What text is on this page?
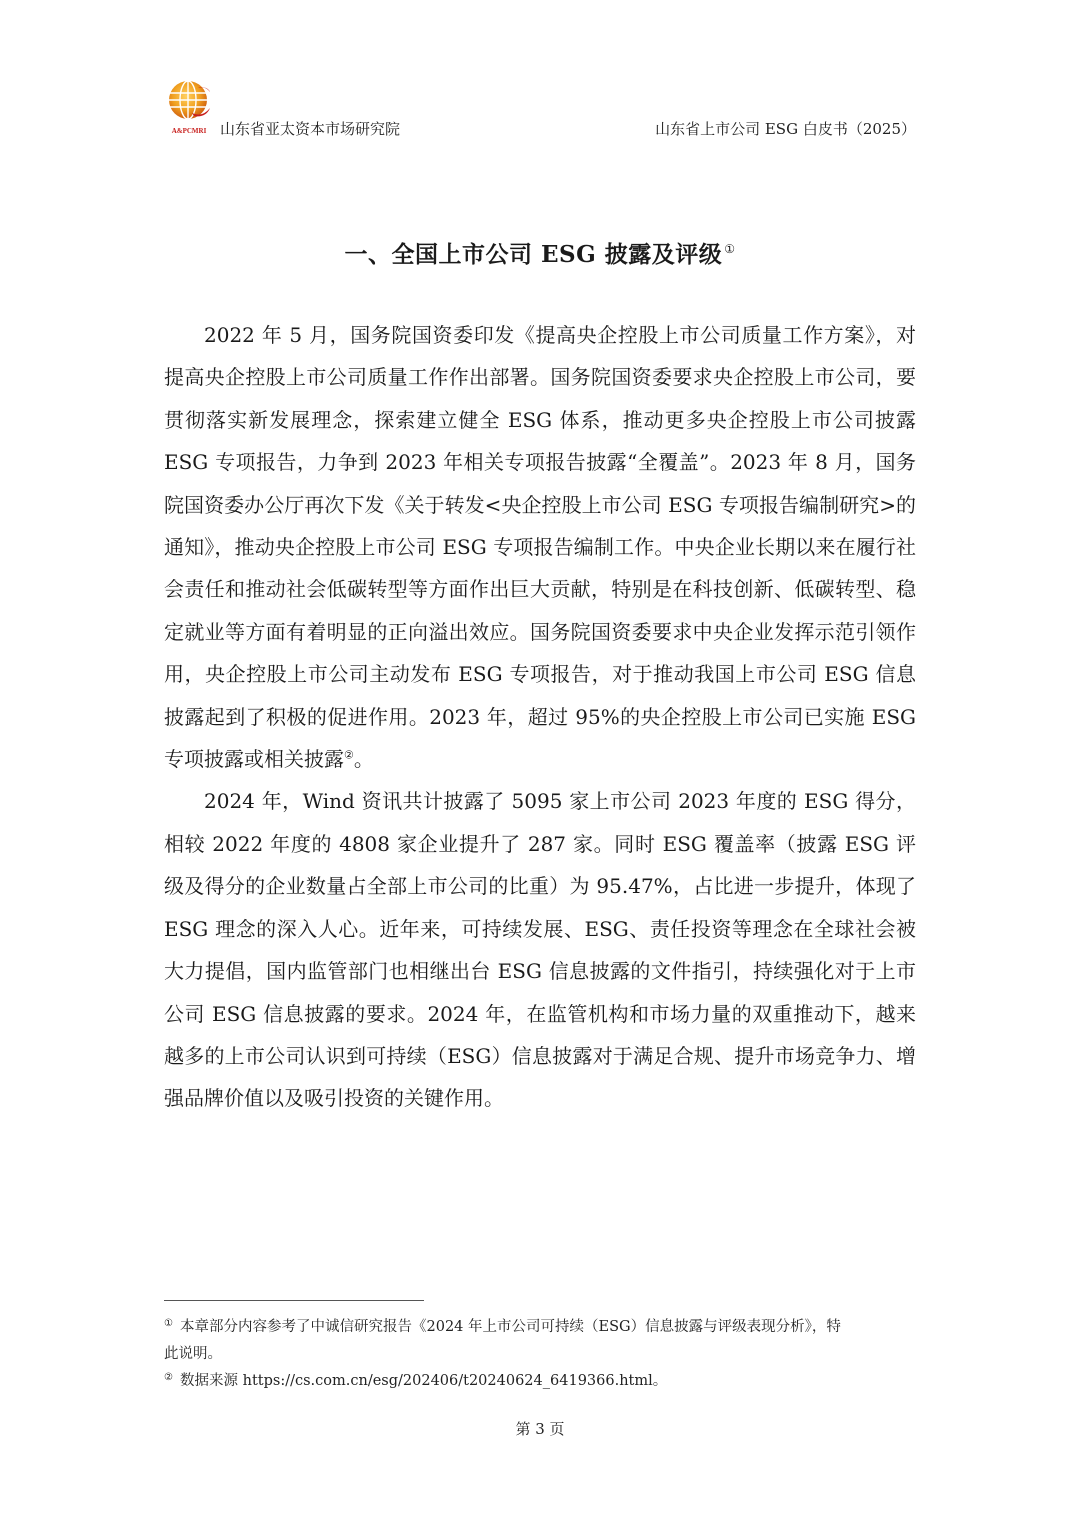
A&PCMRI 山东省亚太资本市场研究院	山东省上市公司 ESG 白皮书（2025）
一、全国上市公司 ESG 披露及评级 ①

2022 年 5 月，国务院国资委印发《提高央企控股上市公司质量工作方案》，对提高央企控股上市公司质量工作作出部署。国务院国资委要求央企控股上市公司，要贯彻落实新发展理念，探索建立健全 ESG 体系，推动更多央企控股上市公司披露 ESG 专项报告，力争到 2023 年相关专项报告披露“全覆盖”。2023 年 8 月，国务院国资委办公厅再次下发《关于转发<央企控股上市公司 ESG 专项报告编制研究>的通知》，推动央企控股上市公司 ESG 专项报告编制工作。中央企业长期以来在履行社会责任和推动社会低碳转型等方面作出巨大贡献，特别是在科技创新、低碳转型、稳定就业等方面有着明显的正向溢出效应。国务院国资委要求中央企业发挥示范引领作用，央企控股上市公司主动发布 ESG 专项报告，对于推动我国上市公司 ESG 信息披露起到了积极的促进作用。2023 年，超过 95%的央企控股上市公司已实施 ESG 专项披露或相关披露②。

2024 年，Wind 资讯共计披露了 5095 家上市公司 2023 年度的 ESG 得分，相较 2022 年度的 4808 家企业提升了 287 家。同时 ESG 覆盖率（披露 ESG 评级及得分的企业数量占全部上市公司的比重）为 95.47%，占比进一步提升，体现了 ESG 理念的深入人心。近年来，可持续发展、ESG、责任投资等理念在全球社会被大力提倡，国内监管部门也相继出台 ESG 信息披露的文件指引，持续强化对于上市公司 ESG 信息披露的要求。2024 年，在监管机构和市场力量的双重推动下，越来越多的上市公司认识到可持续（ESG）信息披露对于满足合规、提升市场竞争力、增强品牌价值以及吸引投资的关键作用。

① 本章部分内容参考了中诚信研究报告《2024 年上市公司可持续（ESG）信息披露与评级表现分析》，特
此说明。
② 数据来源 https://cs.com.cn/esg/202406/t20240624_6419366.html。
第 3 页
